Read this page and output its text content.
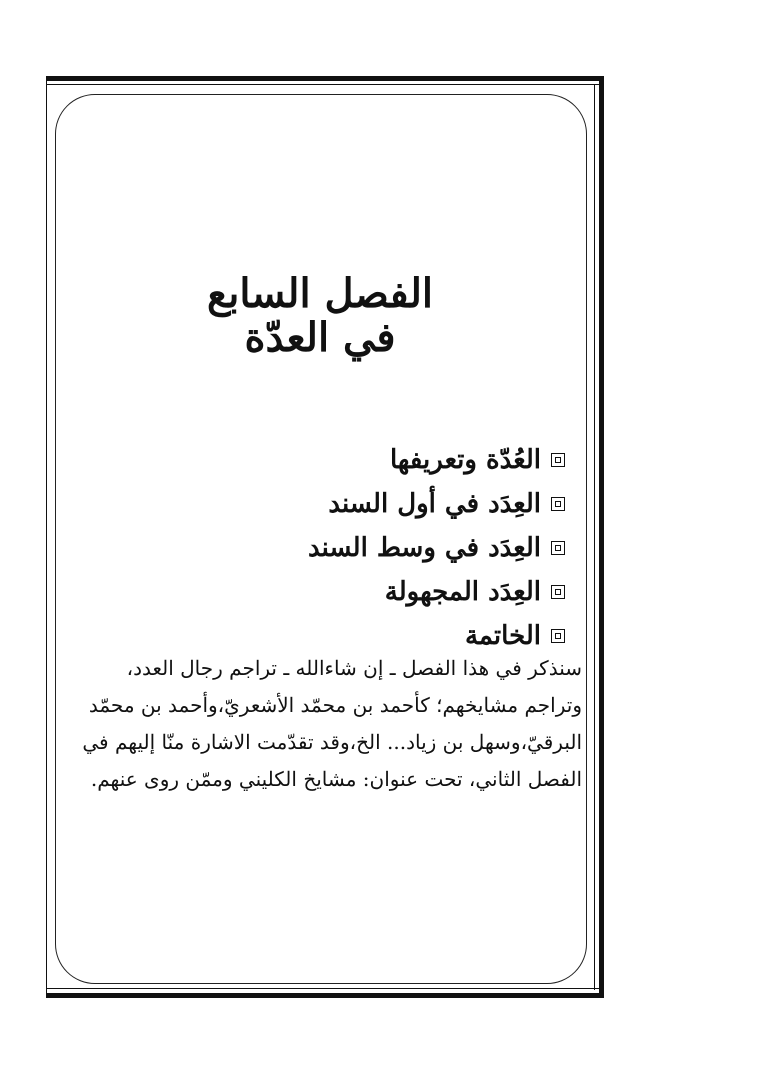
الفصل السابع
في العدّة
العُدّة وتعريفها
العِدَد في أول السند
العِدَد في وسط السند
العِدَد المجهولة
الخاتمة
سنذكر في هذا الفصل ـ إن شاءالله ـ تراجم رجال العدد،
وتراجم مشايخهم؛ كأحمد بن محمّد الأشعريّ،وأحمد بن محمّد
البرقيّ،وسهل بن زياد... الخ،وقد تقدّمت الاشارة منّا إليهم في
الفصل الثاني، تحت عنوان: مشايخ الكليني وممّن روى عنهم.
